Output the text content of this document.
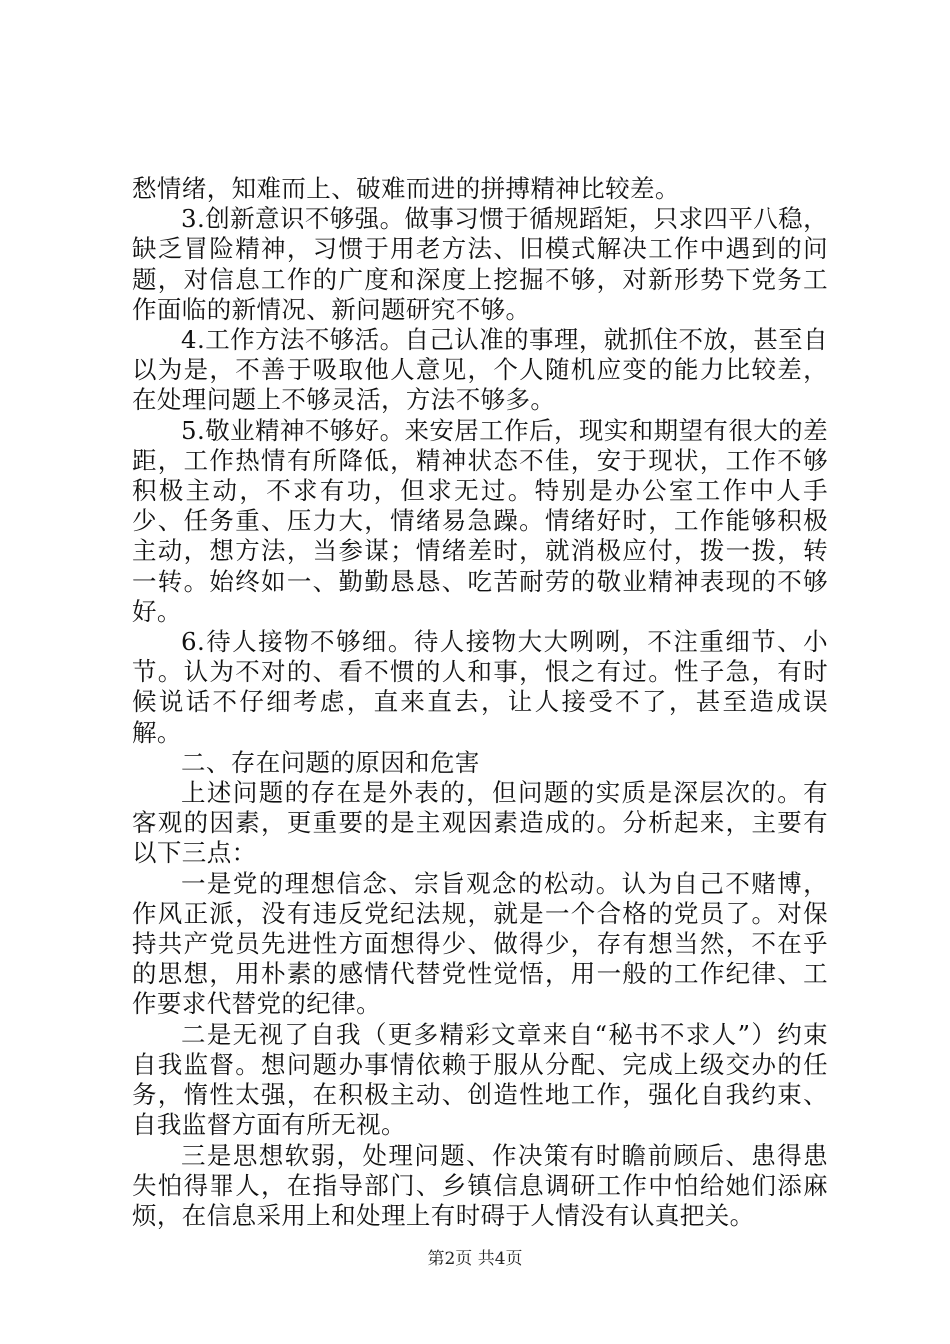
愁情绪，知难而上、破难而进的拼搏精神比较差。

3.创新意识不够强。做事习惯于循规蹈矩，只求四平八稳，缺乏冒险精神，习惯于用老方法、旧模式解决工作中遇到的问题，对信息工作的广度和深度上挖掘不够，对新形势下党务工作面临的新情况、新问题研究不够。

4.工作方法不够活。自己认准的事理，就抓住不放，甚至自以为是，不善于吸取他人意见，个人随机应变的能力比较差，在处理问题上不够灵活，方法不够多。

5.敬业精神不够好。来安居工作后，现实和期望有很大的差距，工作热情有所降低，精神状态不佳，安于现状，工作不够积极主动，不求有功，但求无过。特别是办公室工作中人手少、任务重、压力大，情绪易急躁。情绪好时，工作能够积极主动，想方法，当参谋；情绪差时，就消极应付，拨一拨，转一转。始终如一、勤勤恳恳、吃苦耐劳的敬业精神表现的不够好。

6.待人接物不够细。待人接物大大咧咧，不注重细节、小节。认为不对的、看不惯的人和事，恨之有过。性子急，有时候说话不仔细考虑，直来直去，让人接受不了，甚至造成误解。

二、存在问题的原因和危害

上述问题的存在是外表的，但问题的实质是深层次的。有客观的因素，更重要的是主观因素造成的。分析起来，主要有以下三点：

一是党的理想信念、宗旨观念的松动。认为自己不赌博，作风正派，没有违反党纪法规，就是一个合格的党员了。对保持共产党员先进性方面想得少、做得少，存有想当然，不在乎的思想，用朴素的感情代替党性觉悟，用一般的工作纪律、工作要求代替党的纪律。

二是无视了自我（更多精彩文章来自“秘书不求人”）约束自我监督。想问题办事情依赖于服从分配、完成上级交办的任务，惰性太强，在积极主动、创造性地工作，强化自我约束、自我监督方面有所无视。

三是思想软弱，处理问题、作决策有时瞻前顾后、患得患失怕得罪人，在指导部门、乡镇信息调研工作中怕给她们添麻烦，在信息采用上和处理上有时碍于人情没有认真把关。

第2页 共4页
